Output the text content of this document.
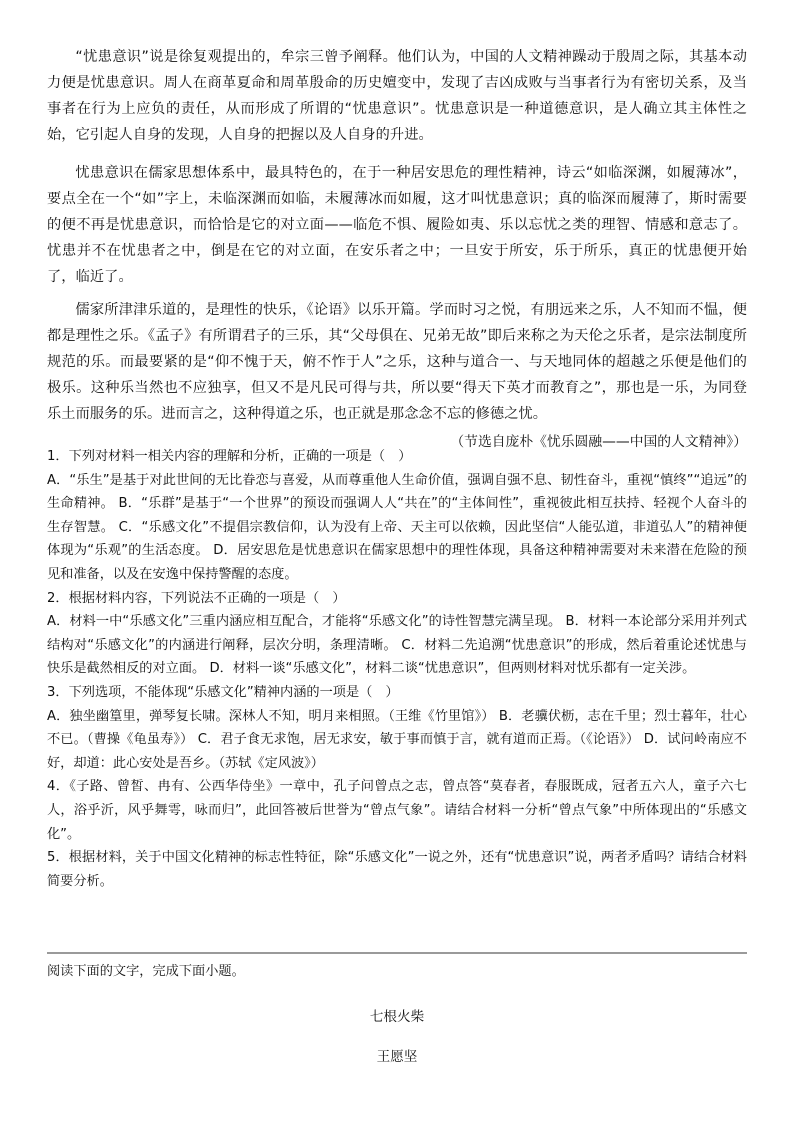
“忧患意识”说是徐复观提出的，牟宗三曾予阐释。他们认为，中国的人文精神躁动于殷周之际，其基本动力便是忧患意识。周人在商革夏命和周革殷命的历史嬗变中，发现了吉凶成败与当事者行为有密切关系，及当事者在行为上应负的责任，从而形成了所谓的“忧患意识”。忧患意识是一种道德意识，是人确立其主体性之始，它引起人自身的发现，人自身的把握以及人自身的升进。

忧患意识在儒家思想体系中，最具特色的，在于一种居安思危的理性精神，诗云“如临深渊，如履薄冰”，要点全在一个“如”字上，未临深渊而如临，未履薄冰而如履，这才叫忧患意识；真的临深而履薄了，斯时需要的便不再是忧患意识，而恰恰是它的对立面——临危不惧、履险如夷、乐以忘忧之类的理智、情感和意志了。忧患并不在忧患者之中，倒是在它的对立面，在安乐者之中；一旦安于所安，乐于所乐，真正的忧患便开始了，临近了。

儒家所津津乐道的，是理性的快乐，《论语》以乐开篇。学而时习之悦，有朋远来之乐，人不知而不愠，便都是理性之乐。《孟子》有所谓君子的三乐，其“父母俱在、兄弟无故”即后来称之为天伦之乐者，是宗法制度所规范的乐。而最要紧的是“仰不愧于天，俯不怍于人”之乐，这种与道合一、与天地同体的超越之乐便是他们的极乐。这种乐当然也不应独享，但又不是凡民可得与共，所以要“得天下英才而教育之”，那也是一乐，为同登乐土而服务的乐。进而言之，这种得道之乐，也正就是那念念不忘的修德之忧。

（节选自庞朴《忧乐圆融——中国的人文精神》）

1．下列对材料一相关内容的理解和分析，正确的一项是（　）

A．“乐生”是基于对此世间的无比眷恋与喜爱，从而尊重他人生命价值，强调自强不息、韧性奋斗，重视“慎终”“追远”的生命精神。 B．“乐群”是基于“一个世界”的预设而强调人人“共在”的“主体间性”，重视彼此相互扶持、轻视个人奋斗的生存智慧。 C．“乐感文化”不提倡宗教信仰，认为没有上帝、天主可以依赖，因此坚信“人能弘道，非道弘人”的精神便体现为“乐观”的生活态度。 D．居安思危是忧患意识在儒家思想中的理性体现，具备这种精神需要对未来潜在危险的预见和准备，以及在安逸中保持警醒的态度。

2．根据材料内容，下列说法不正确的一项是（　）

A．材料一中“乐感文化”三重内涵应相互配合，才能将“乐感文化”的诗性智慧完满呈现。 B．材料一本论部分采用并列式结构对“乐感文化”的内涵进行阐释，层次分明，条理清晰。 C．材料二先追溯“忧患意识”的形成，然后着重论述忧患与快乐是截然相反的对立面。 D．材料一谈“乐感文化”，材料二谈“忧患意识”，但两则材料对忧乐都有一定关涉。

3．下列选项，不能体现“乐感文化”精神内涵的一项是（　）

A．独坐幽篁里，弹琴复长啸。深林人不知，明月来相照。（王维《竹里馆》） B．老骥伏枥，志在千里；烈士暮年，壮心不已。（曹操《龟虽寿》） C．君子食无求饱，居无求安，敏于事而慎于言，就有道而正焉。（《论语》） D．试问岭南应不好，却道：此心安处是吾乡。（苏轼《定风波》）

4．《子路、曾皙、冉有、公西华侍坐》一章中，孔子问曾点之志，曾点答“莫春者，春服既成，冠者五六人，童子六七人，浴乎沂，风乎舞雩，咏而归”，此回答被后世誉为“曾点气象”。请结合材料一分析“曾点气象”中所体现出的“乐感文化”。

5．根据材料，关于中国文化精神的标志性特征，除“乐感文化”一说之外，还有“忧患意识”说，两者矛盾吗？请结合材料简要分析。

阅读下面的文字，完成下面小题。
七根火柴
王愿坚
